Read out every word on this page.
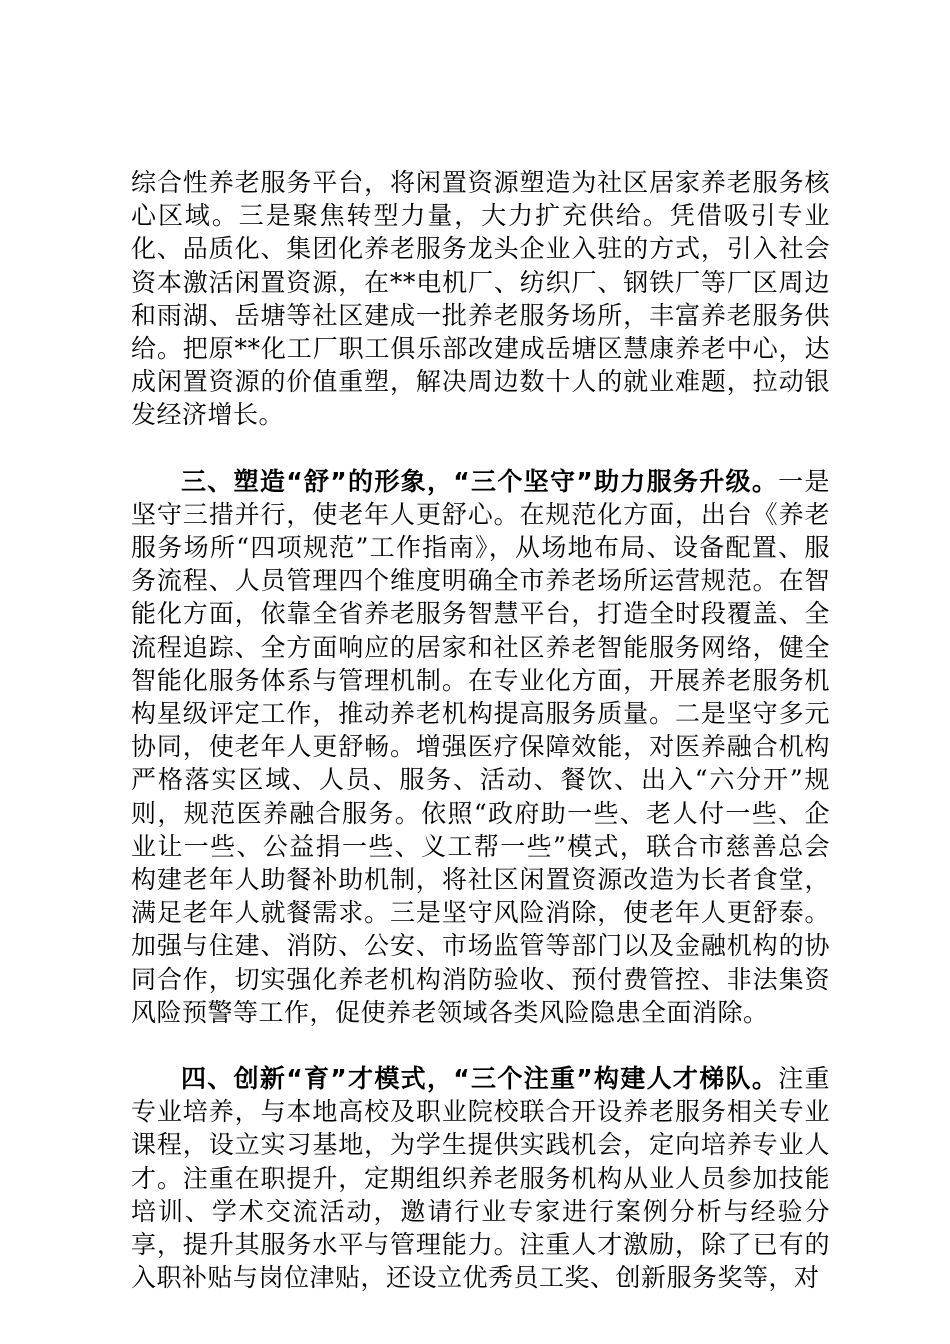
综合性养老服务平台，将闲置资源塑造为社区居家养老服务核心区域。三是聚焦转型力量，大力扩充供给。凭借吸引专业化、品质化、集团化养老服务龙头企业入驻的方式，引入社会资本激活闲置资源，在**电机厂、纺织厂、钢铁厂等厂区周边和雨湖、岳塘等社区建成一批养老服务场所，丰富养老服务供给。把原**化工厂职工俱乐部改建成岳塘区慧康养老中心，达成闲置资源的价值重塑，解决周边数十人的就业难题，拉动银发经济增长。

三、塑造“舒”的形象，“三个坚守”助力服务升级。一是坚守三措并行，使老年人更舒心。在规范化方面，出台《养老服务场所“四项规范”工作指南》，从场地布局、设备配置、服务流程、人员管理四个维度明确全市养老场所运营规范。在智能化方面，依靠全省养老服务智慧平台，打造全时段覆盖、全流程追踪、全方面响应的居家和社区养老智能服务网络，健全智能化服务体系与管理机制。在专业化方面，开展养老服务机构星级评定工作，推动养老机构提高服务质量。二是坚守多元协同，使老年人更舒畅。增强医疗保障效能，对医养融合机构严格落实区域、人员、服务、活动、餐饮、出入“六分开”规则，规范医养融合服务。依照“政府助一些、老人付一些、企业让一些、公益捐一些、义工帮一些”模式，联合市慈善总会构建老年人助餐补助机制，将社区闲置资源改造为长者食堂，满足老年人就餐需求。三是坚守风险消除，使老年人更舒泰。加强与住建、消防、公安、市场监管等部门以及金融机构的协同合作，切实强化养老机构消防验收、预付费管控、非法集资风险预警等工作，促使养老领域各类风险隐患全面消除。

四、创新“育”才模式，“三个注重”构建人才梯队。注重专业培养，与本地高校及职业院校联合开设养老服务相关专业课程，设立实习基地，为学生提供实践机会，定向培养专业人才。注重在职提升，定期组织养老服务机构从业人员参加技能培训、学术交流活动，邀请行业专家进行案例分析与经验分享，提升其服务水平与管理能力。注重人才激励，除了已有的入职补贴与岗位津贴，还设立优秀员工奖、创新服务奖等，对
